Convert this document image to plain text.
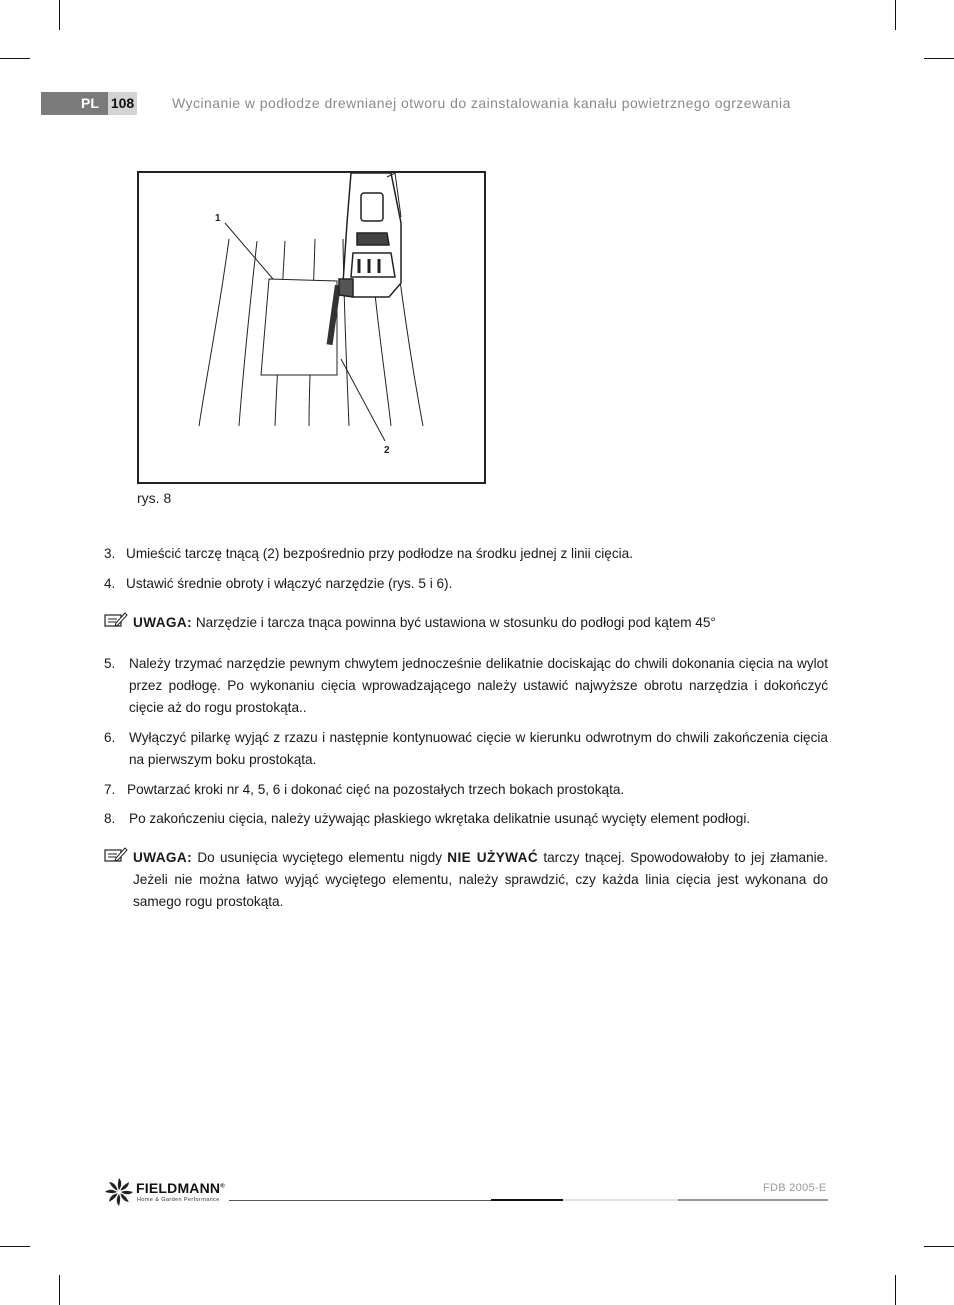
PL 108	Wycinanie w podłodze drewnianej otworu do zainstalowania kanału powietrznego ogrzewania
1
2
rys. 8
3. Umieścić tarczę tnącą (2) bezpośrednio przy podłodze na środku jednej z linii cięcia.
4. Ustawić średnie obroty i włączyć narzędzie (rys. 5 i 6).
UWAGA: Narzędzie i tarcza tnąca powinna być ustawiona w stosunku do podłogi pod kątem 45°
5. Należy trzymać narzędzie pewnym chwytem jednocześnie delikatnie dociskając do chwili dokonania cięcia na wylot przez podłogę. Po wykonaniu cięcia wprowadzającego należy ustawić najwyższe obrotu narzędzia i dokończyć cięcie aż do rogu prostokąta..
6. Wyłączyć pilarkę wyjąć z rzazu i następnie kontynuować cięcie w kierunku odwrotnym do chwili zakończenia cięcia na pierwszym boku prostokąta.
7. Powtarzać kroki nr 4, 5, 6 i dokonać cięć na pozostałych trzech bokach prostokąta.
8. Po zakończeniu cięcia, należy używając płaskiego wkrętaka delikatnie usunąć wycięty element podłogi.
UWAGA: Do usunięcia wyciętego elementu nigdy NIE UŻYWAĆ tarczy tnącej. Spowodowałoby to jej złamanie. Jeżeli nie można łatwo wyjąć wyciętego elementu, należy sprawdzić, czy każda linia cięcia jest wykonana do samego rogu prostokąta.
FIELDMANN®
Home & Garden Performance
FDB 2005-E
